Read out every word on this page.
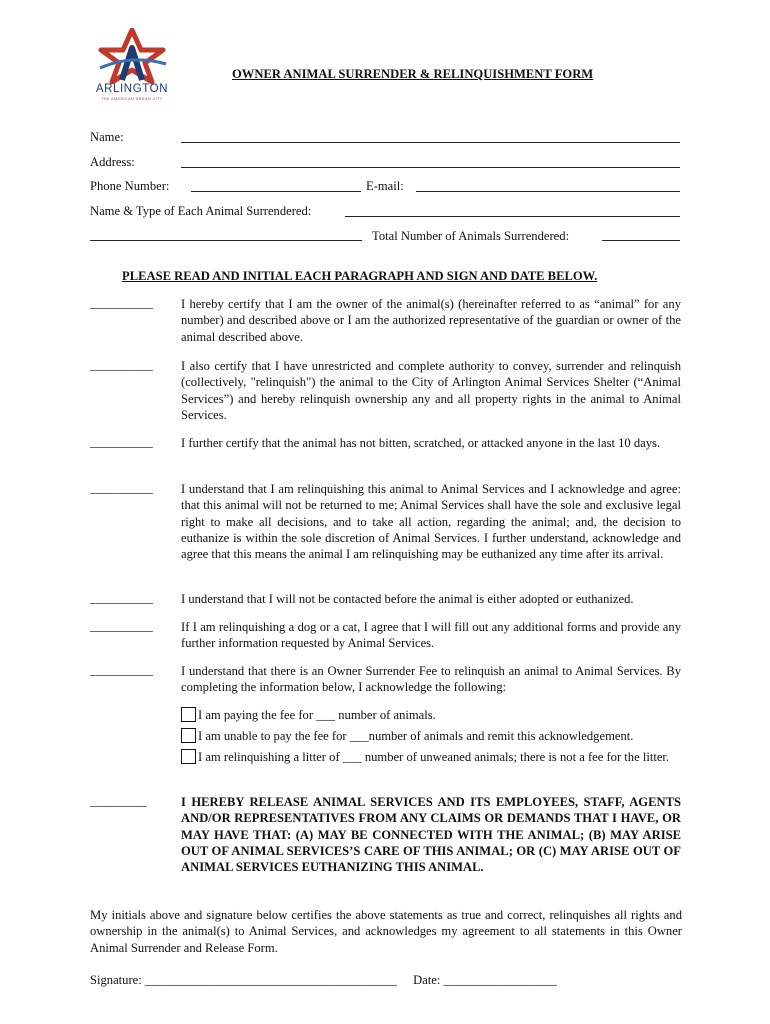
ARLINGTON
THE AMERICAN DREAM CITY
OWNER ANIMAL SURRENDER & RELINQUISHMENT FORM
Name:
Address:
Phone Number:	E-mail:
Name & Type of Each Animal Surrendered:
Total Number of Animals Surrendered:
PLEASE READ AND INITIAL EACH PARAGRAPH AND SIGN AND DATE BELOW.
__________ I hereby certify that I am the owner of the animal(s) (hereinafter referred to as “animal” for any number) and described above or I am the authorized representative of the guardian or owner of the animal described above.
__________ I also certify that I have unrestricted and complete authority to convey, surrender and relinquish (collectively, "relinquish") the animal to the City of Arlington Animal Services Shelter (“Animal Services”) and hereby relinquish ownership any and all property rights in the animal to Animal Services.
__________ I further certify that the animal has not bitten, scratched, or attacked anyone in the last 10 days.
__________ I understand that I am relinquishing this animal to Animal Services and I acknowledge and agree: that this animal will not be returned to me; Animal Services shall have the sole and exclusive legal right to make all decisions, and to take all action, regarding the animal; and, the decision to euthanize is within the sole discretion of Animal Services. I further understand, acknowledge and agree that this means the animal I am relinquishing may be euthanized any time after its arrival.
__________ I understand that I will not be contacted before the animal is either adopted or euthanized.
__________ If I am relinquishing a dog or a cat, I agree that I will fill out any additional forms and provide any further information requested by Animal Services.
__________ I understand that there is an Owner Surrender Fee to relinquish an animal to Animal Services. By completing the information below, I acknowledge the following:
I am paying the fee for ___ number of animals.
I am unable to pay the fee for ___number of animals and remit this acknowledgement.
I am relinquishing a litter of ___ number of unweaned animals; there is not a fee for the litter.
_________	I HEREBY RELEASE ANIMAL SERVICES AND ITS EMPLOYEES, STAFF, AGENTS AND/OR REPRESENTATIVES FROM ANY CLAIMS OR DEMANDS THAT I HAVE, OR MAY HAVE THAT: (A) MAY BE CONNECTED WITH THE ANIMAL; (B) MAY ARISE OUT OF ANIMAL SERVICES’S CARE OF THIS ANIMAL; OR (C) MAY ARISE OUT OF ANIMAL SERVICES EUTHANIZING THIS ANIMAL.
My initials above and signature below certifies the above statements as true and correct, relinquishes all rights and ownership in the animal(s) to Animal Services, and acknowledges my agreement to all statements in this Owner Animal Surrender and Release Form.
Signature: ________________________________________ Date: __________________
